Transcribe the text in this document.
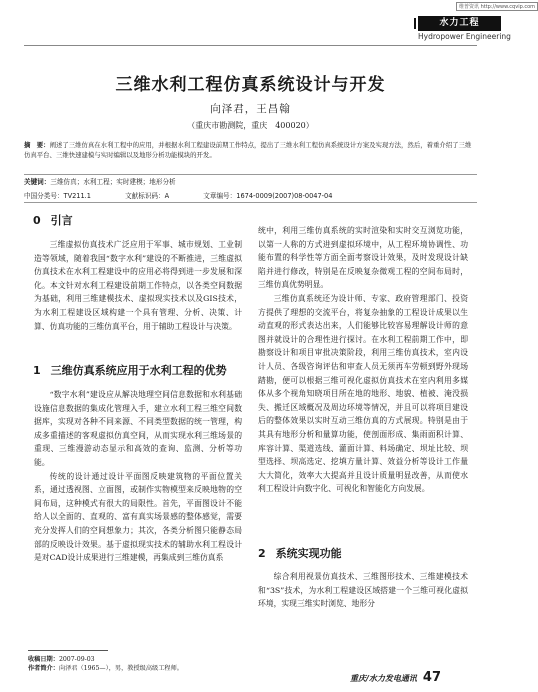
维普资讯 http://www.cqvip.com
水力工程
Hydropower Engineering
三维水利工程仿真系统设计与开发
向泽君，王昌翰
（重庆市勘测院，重庆　400020）
摘　要：阐述了三维仿真在水利工程中的应用，并根据水利工程建设前期工作特点，提出了三维水利工程仿真系统设计方案及实现方法，然后，着重介绍了三维仿真平台、三维快速建模与实时编辑以及地形分析功能模块的开发。
关键词：三维仿真；水利工程；实时建模；地形分析
中国分类号：TV211.1	文献标识码：A	文章编号：1674-0009(2007)08-0047-04
0 引言

三维虚拟仿真技术广泛应用于军事、城市规划、工业制造等领域，随着我国“数字水利”建设的不断推进，三维虚拟仿真技术在水利工程建设中的应用必将得到进一步发展和深化。本文针对水利工程建设前期工作特点，以各类空间数据为基础，利用三维建模技术、虚拟现实技术以及GIS技术，为水利工程建设区域构建一个具有管理、分析、决策、计算、仿真功能的三维仿真平台，用于辅助工程设计与决策。

1 三维仿真系统应用于水利工程的优势

“数字水利”建设应从解决地理空间信息数据和水利基础设施信息数据的集成化管理入手，建立水利工程三维空间数据库，实现对各种不同来源、不同类型数据的统一管理，构成多重描述的客观虚拟仿真空间，从而实现水利三维场景的重现、三维漫游动态显示和高效的查询、监测、分析等功能。

传统的设计通过设计平面图反映建筑物的平面位置关系，通过透视图、立面图，或制作实物模型来反映地物的空间布局，这种模式有很大的局限性。首先，平面图设计不能给人以全面的、直观的、富有真实场景感的整体感觉，需要充分发挥人们的空间想象力；其次，各类分析图只能静态局部的反映设计效果。基于虚拟现实技术的辅助水利工程设计是对CAD设计成果进行三维建模，再集成到三维仿真系

收稿日期：2007-09-03
作者简介：向泽君（1965—），男，教授级高级工程师。

统中，利用三维仿真系统的实时渲染和实时交互浏览功能，以第一人称的方式进到虚拟环境中，从工程环境协调性、功能布置的科学性等方面全面考察设计效果，及时发现设计缺陷并进行修改，特别是在反映复杂微观工程的空间布局时，三维仿真优势明显。

三维仿真系统还为设计师、专家、政府管理部门、投资方提供了理想的交流平台，将复杂抽象的工程设计成果以生动直观的形式表达出来，人们能够比较容易理解设计师的意图并就设计的合理性进行探讨。在水利工程前期工作中，即勘察设计和项目审批决策阶段，利用三维仿真技术，室内设计人员、各级咨询评估和审查人员无须再车劳顿到野外现场踏勘，便可以根据三维可视化虚拟仿真技术在室内利用多媒体从多个视角知晓项目所在地的地形、地貌、植被、淹没损失、搬迁区域概况及周边环境等情况，并且可以将项目建设后的整体效果以实时互动三维仿真的方式展现。特别是由于其具有地形分析和量算功能，使剖面形成、集雨面积计算、库容计算、渠道选线、灌面计算、料场确定、坝址比较、坝型选择、坝高选定、挖填方量计算、效益分析等设计工作量大大简化，效率大大提高并且设计质量明显改善，从而使水利工程设计向数字化、可视化和智能化方向发展。

2 系统实现功能

综合利用视景仿真技术、三维图形技术、三维建模技术和“3S”技术，为水利工程建设区域搭建一个三维可视化虚拟环境，实现三维实时浏览、地形分

重庆/水力发电通讯 47
